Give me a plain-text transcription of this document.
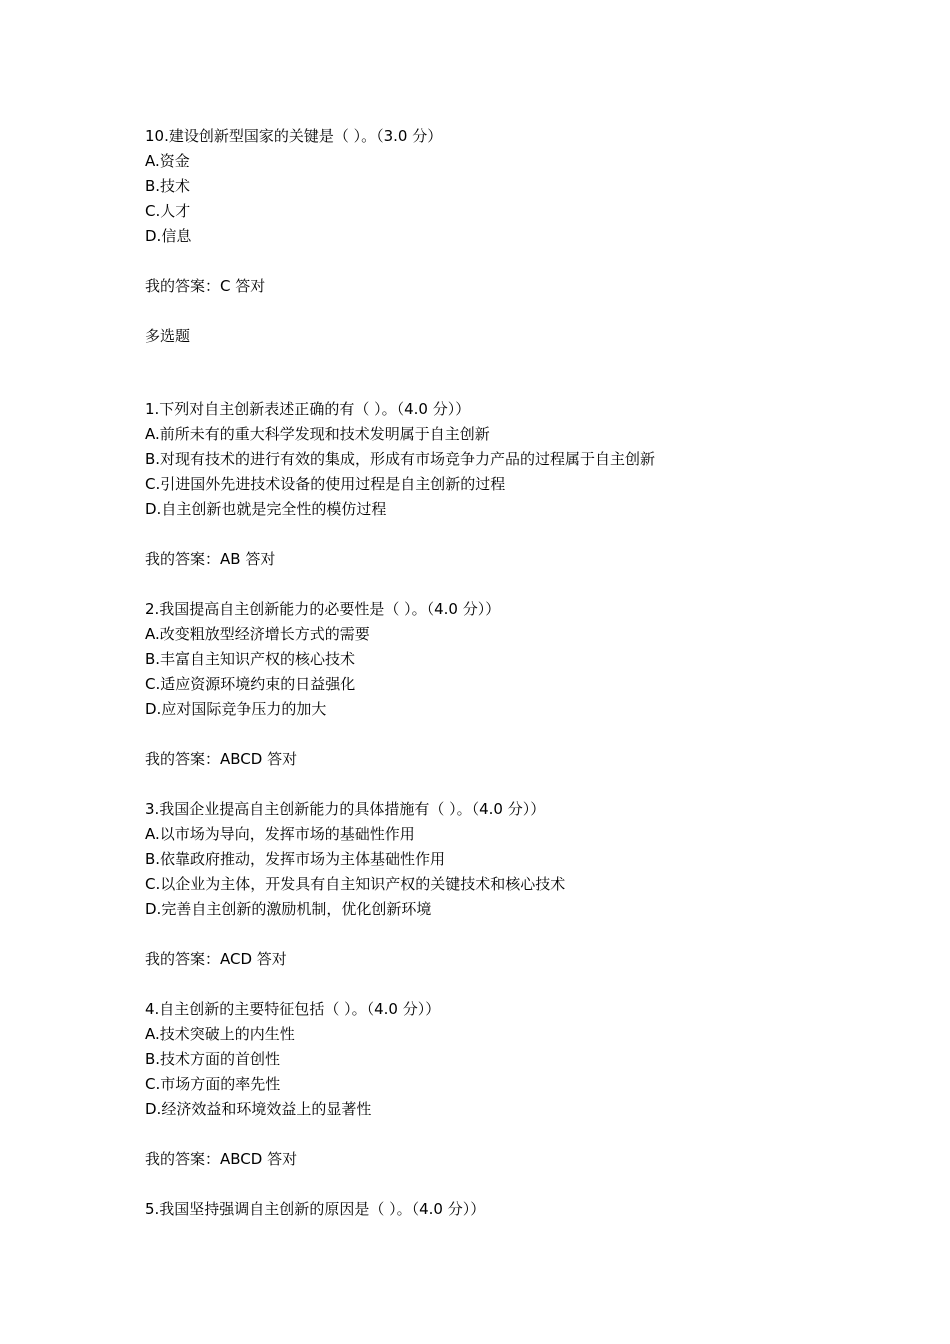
10.建设创新型国家的关键是（ ）。（3.0 分）
A.资金
B.技术
C.人才
D.信息
我的答案：C 答对
多选题
1.下列对自主创新表述正确的有（ ）。（4.0 分））
A.前所未有的重大科学发现和技术发明属于自主创新
B.对现有技术的进行有效的集成，形成有市场竞争力产品的过程属于自主创新
C.引进国外先进技术设备的使用过程是自主创新的过程
D.自主创新也就是完全性的模仿过程
我的答案：AB 答对
2.我国提高自主创新能力的必要性是（ ）。（4.0 分））
A.改变粗放型经济增长方式的需要
B.丰富自主知识产权的核心技术
C.适应资源环境约束的日益强化
D.应对国际竞争压力的加大
我的答案：ABCD 答对
3.我国企业提高自主创新能力的具体措施有（ ）。（4.0 分））
A.以市场为导向，发挥市场的基础性作用
B.依靠政府推动，发挥市场为主体基础性作用
C.以企业为主体，开发具有自主知识产权的关键技术和核心技术
D.完善自主创新的激励机制，优化创新环境
我的答案：ACD 答对
4.自主创新的主要特征包括（ ）。（4.0 分））
A.技术突破上的内生性
B.技术方面的首创性
C.市场方面的率先性
D.经济效益和环境效益上的显著性
我的答案：ABCD 答对
5.我国坚持强调自主创新的原因是（ ）。（4.0 分））
